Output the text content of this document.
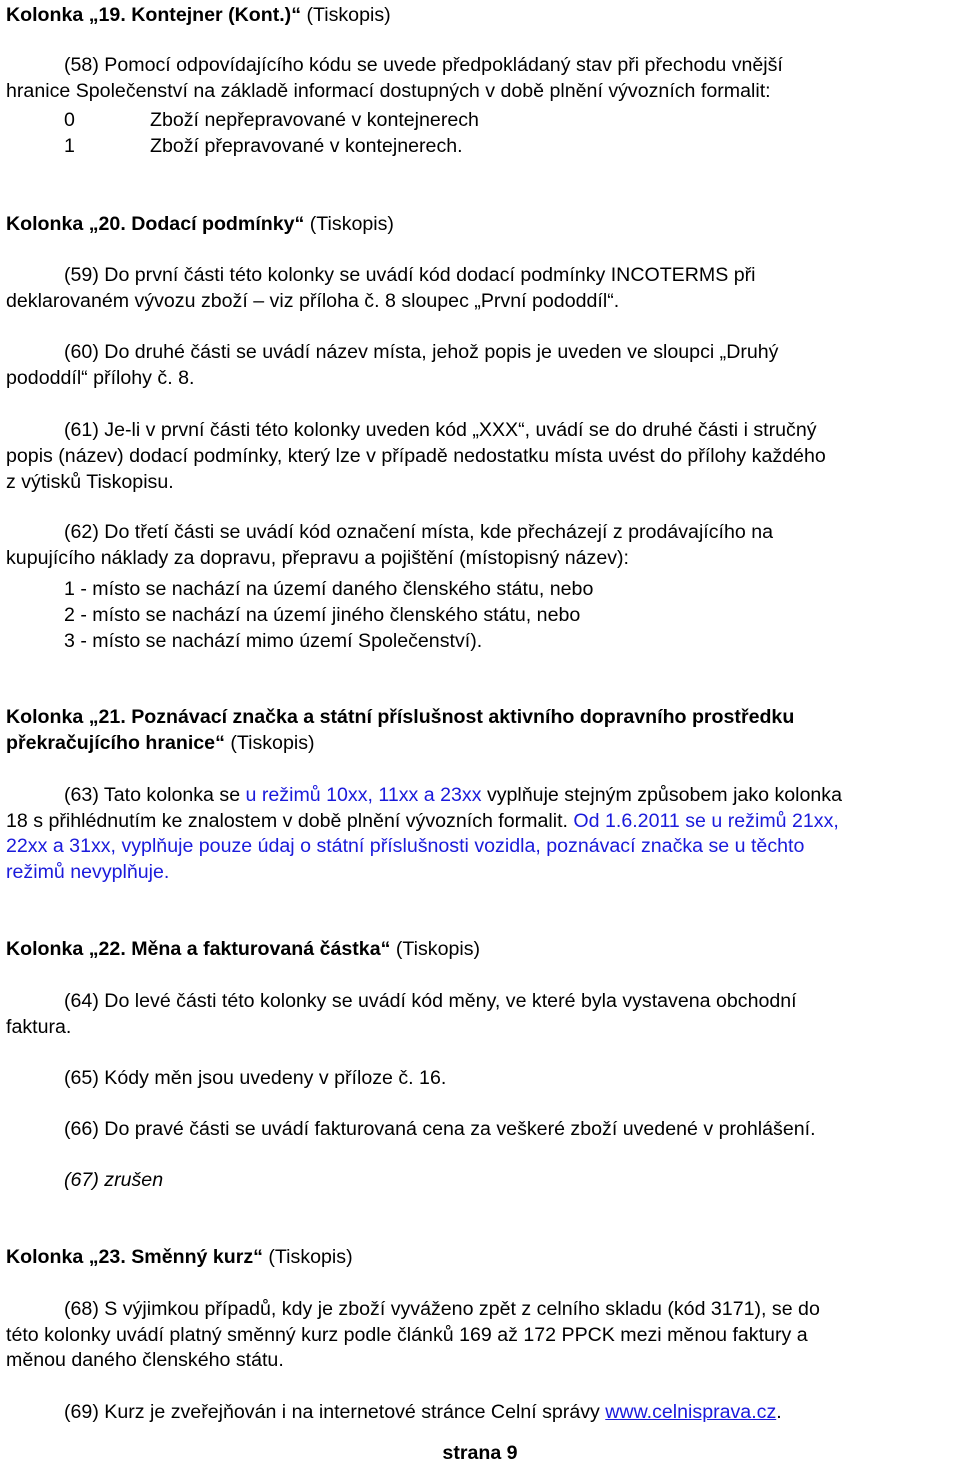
Kolonka „19. Kontejner (Kont.)“ (Tiskopis)
(58) Pomocí odpovídajícího kódu se uvede předpokládaný stav při přechodu vnější
hranice Společenství na základě informací dostupných v době plnění vývozních formalit:
0	Zboží nepřepravované v kontejnerech
1	Zboží přepravované v kontejnerech.
Kolonka „20. Dodací podmínky“ (Tiskopis)
(59) Do první části této kolonky se uvádí kód dodací podmínky INCOTERMS při
deklarovaném vývozu zboží – viz příloha č. 8 sloupec „První pododdíl“.
(60) Do druhé části se uvádí název místa, jehož popis je uveden ve sloupci „Druhý
pododdíl“ přílohy č. 8.
(61) Je-li v první části této kolonky uveden kód „XXX“, uvádí se do druhé části i stručný
popis (název) dodací podmínky, který lze v případě nedostatku místa uvést do přílohy každého
z výtisků Tiskopisu.
(62) Do třetí části se uvádí kód označení místa, kde přecházejí z prodávajícího na
kupujícího náklady za dopravu, přepravu a pojištění (místopisný název):
1 - místo se nachází na území daného členského státu, nebo
2 - místo se nachází na území jiného členského státu, nebo
3 - místo se nachází mimo území Společenství).
Kolonka „21. Poznávací značka a státní příslušnost aktivního dopravního prostředku
překračujícího hranice“ (Tiskopis)
(63) Tato kolonka se u režimů 10xx, 11xx a 23xx vyplňuje stejným způsobem jako kolonka
18 s přihlédnutím ke znalostem v době plnění vývozních formalit. Od 1.6.2011 se u režimů 21xx,
22xx a 31xx, vyplňuje pouze údaj o státní příslušnosti vozidla, poznávací značka se u těchto
režimů nevyplňuje.
Kolonka „22. Měna a fakturovaná částka“ (Tiskopis)
(64) Do levé části této kolonky se uvádí kód měny, ve které byla vystavena obchodní
faktura.
(65) Kódy měn jsou uvedeny v příloze č. 16.
(66) Do pravé části se uvádí fakturovaná cena za veškeré zboží uvedené v prohlášení.
(67) zrušen
Kolonka „23. Směnný kurz“ (Tiskopis)
(68) S výjimkou případů, kdy je zboží vyváženo zpět z celního skladu (kód 3171), se do
této kolonky uvádí platný směnný kurz podle článků 169 až 172 PPCK mezi měnou faktury a
měnou daného členského státu.
(69) Kurz je zveřejňován i na internetové stránce Celní správy www.celnisprava.cz.
strana 9
